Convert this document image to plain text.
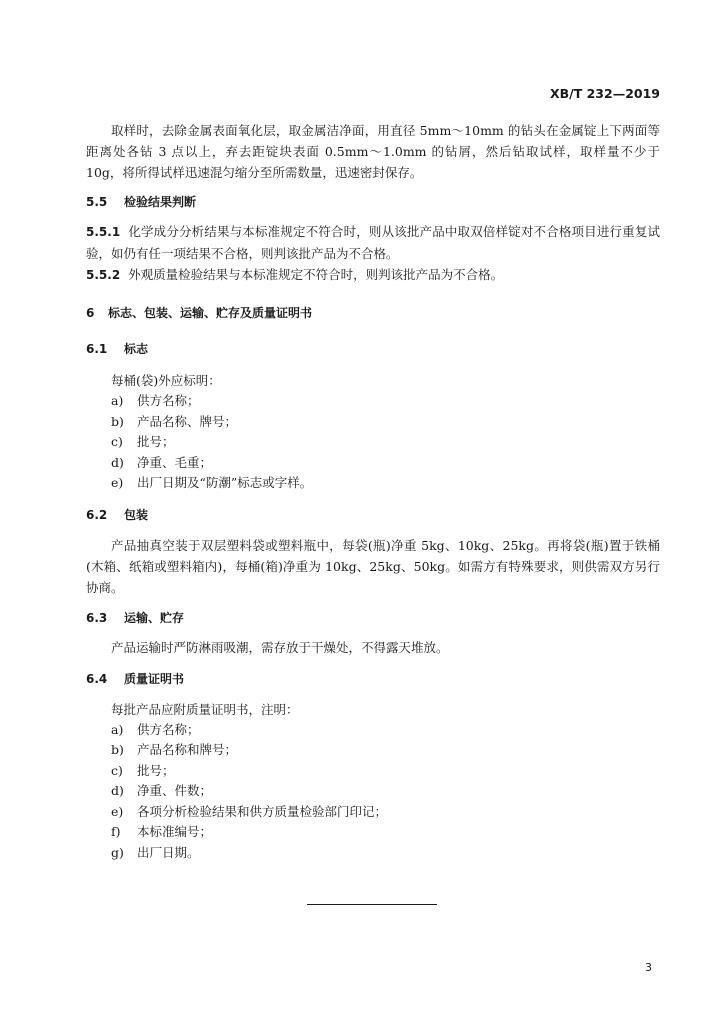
XB/T 232—2019

取样时，去除金属表面氧化层，取金属洁净面，用直径 5mm～10mm 的钻头在金属锭上下两面等距离处各钻 3 点以上，弃去距锭块表面 0.5mm～1.0mm 的钻屑，然后钻取试样，取样量不少于 10g，将所得试样迅速混匀缩分至所需数量，迅速密封保存。

5.5 检验结果判断

5.5.1 化学成分分析结果与本标准规定不符合时，则从该批产品中取双倍样锭对不合格项目进行重复试验，如仍有任一项结果不合格，则判该批产品为不合格。

5.5.2 外观质量检验结果与本标准规定不符合时，则判该批产品为不合格。

6 标志、包装、运输、贮存及质量证明书
6.1 标志

每桶(袋)外应标明：

a) 供方名称；
b) 产品名称、牌号；
c) 批号；
d) 净重、毛重；
e) 出厂日期及“防潮”标志或字样。
6.2 包装

产品抽真空装于双层塑料袋或塑料瓶中，每袋(瓶)净重 5kg、10kg、25kg。再将袋(瓶)置于铁桶(木箱、纸箱或塑料箱内)，每桶(箱)净重为 10kg、25kg、50kg。如需方有特殊要求，则供需双方另行协商。

6.3 运输、贮存

产品运输时严防淋雨吸潮，需存放于干燥处，不得露天堆放。

6.4 质量证明书

每批产品应附质量证明书，注明：

a) 供方名称；
b) 产品名称和牌号；
c) 批号；
d) 净重、件数；
e) 各项分析检验结果和供方质量检验部门印记；
f) 本标准编号；
g) 出厂日期。
3
